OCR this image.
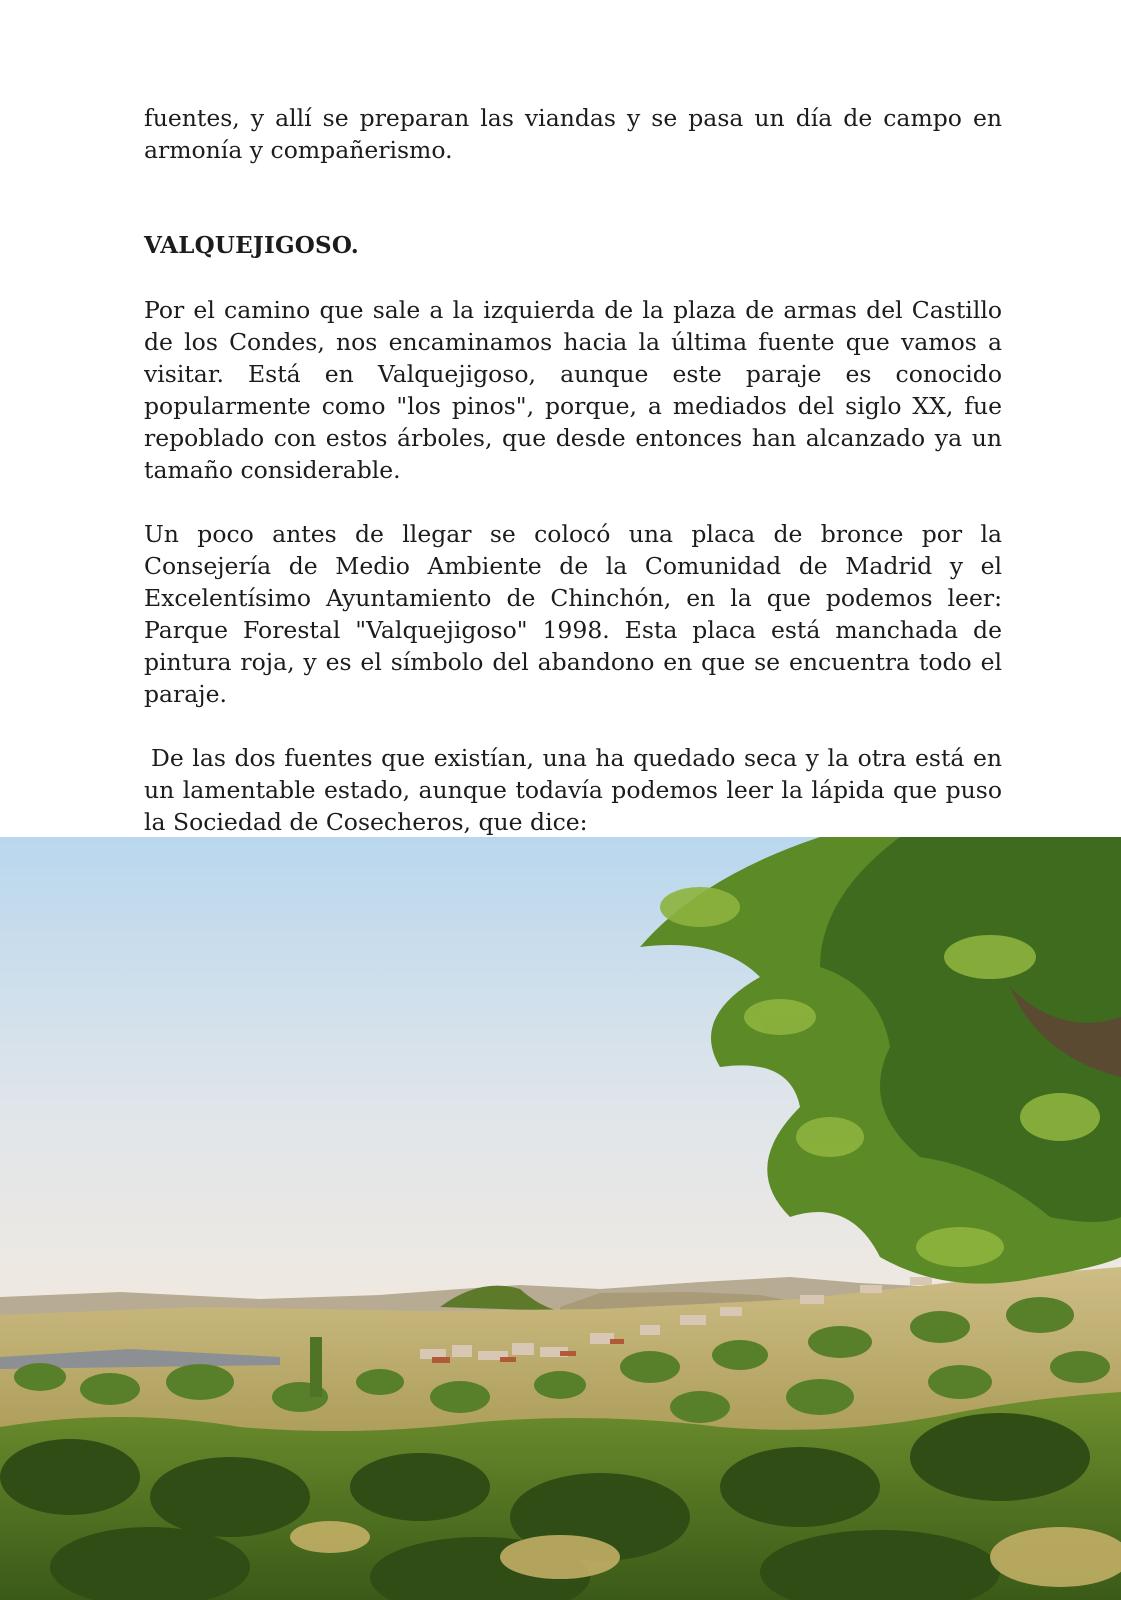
fuentes, y allí se preparan las viandas y se pasa un día de campo en armonía y compañerismo.

VALQUEJIGOSO.

Por el camino que sale a la izquierda de la plaza de armas del Castillo de los Condes, nos encaminamos hacia la última fuente que vamos a visitar. Está en Valquejigoso, aunque este paraje es conocido popularmente como "los pinos", porque, a mediados del siglo XX, fue repoblado con estos árboles, que desde entonces han alcanzado ya un tamaño considerable.

Un poco antes de llegar se colocó una placa de bronce por la Consejería de Medio Ambiente de la Comunidad de Madrid y el Excelentísimo Ayuntamiento de Chinchón, en la que podemos leer: Parque Forestal "Valquejigoso" 1998. Esta placa está manchada de pintura roja, y es el símbolo del abandono en que se encuentra todo el paraje.

De las dos fuentes que existían, una ha quedado seca y la otra está en un lamentable estado, aunque todavía podemos leer la lápida que puso la Sociedad de Cosecheros, que dice:
